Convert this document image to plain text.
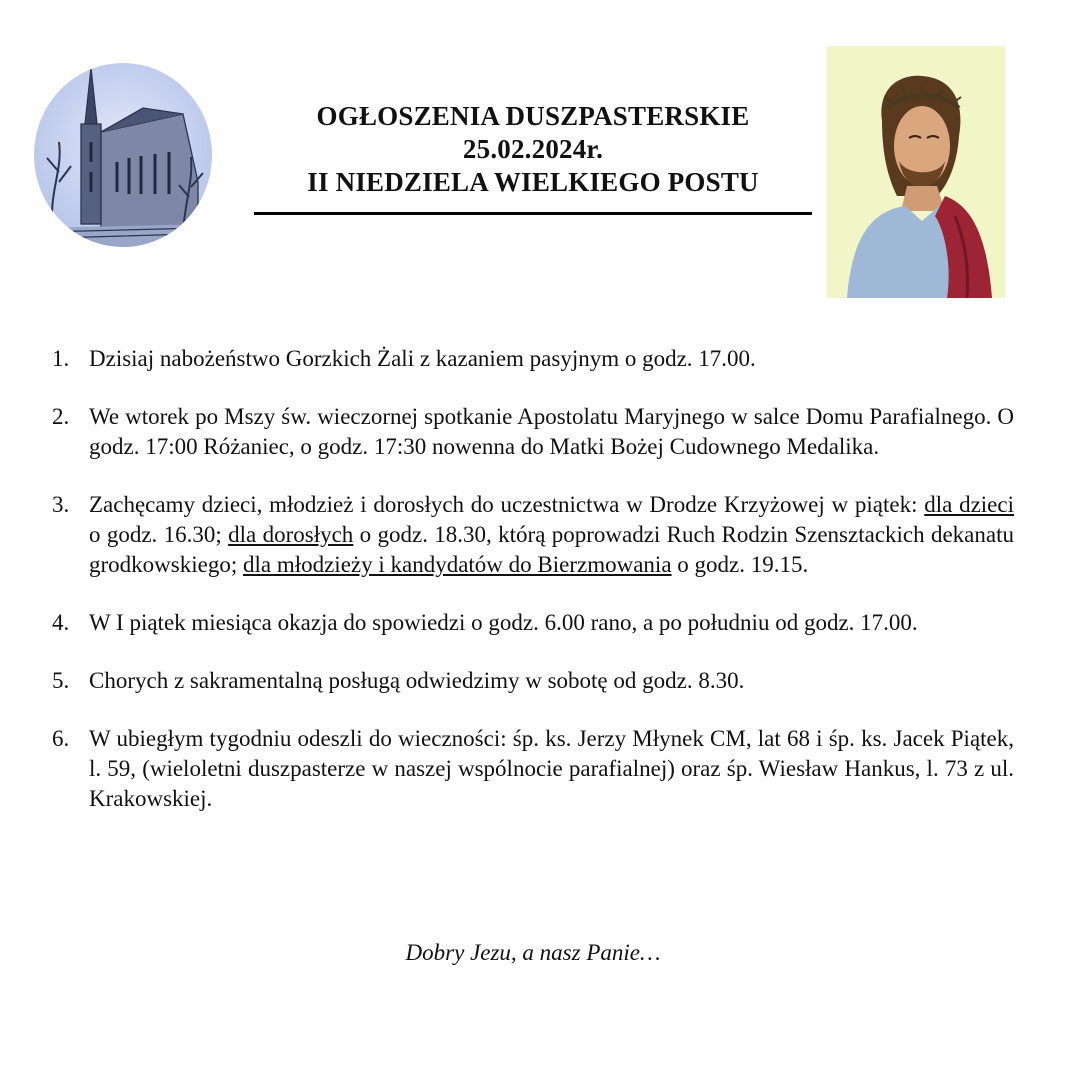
OGŁOSZENIA DUSZPASTERSKIE
25.02.2024r.
II NIEDZIELA WIELKIEGO POSTU
1. Dzisiaj nabożeństwo Gorzkich Żali z kazaniem pasyjnym o godz. 17.00.
2. We wtorek po Mszy św. wieczornej spotkanie Apostolatu Maryjnego w salce Domu Parafialnego. O godz. 17:00 Różaniec, o godz. 17:30 nowenna do Matki Bożej Cudownego Medalika.
3. Zachęcamy dzieci, młodzież i dorosłych do uczestnictwa w Drodze Krzyżowej w piątek: dla dzieci o godz. 16.30; dla dorosłych o godz. 18.30, którą poprowadzi Ruch Rodzin Szensztackich dekanatu grodkowskiego; dla młodzieży i kandydatów do Bierzmowania o godz. 19.15.
4. W I piątek miesiąca okazja do spowiedzi o godz. 6.00 rano, a po południu od godz. 17.00.
5. Chorych z sakramentalną posługą odwiedzimy w sobotę od godz. 8.30.
6. W ubiegłym tygodniu odeszli do wieczności: śp. ks. Jerzy Młynek CM, lat 68 i śp. ks. Jacek Piątek, l. 59, (wieloletni duszpasterze w naszej wspólnocie parafialnej) oraz śp. Wiesław Hankus, l. 73 z ul. Krakowskiej.
Dobry Jezu, a nasz Panie…
